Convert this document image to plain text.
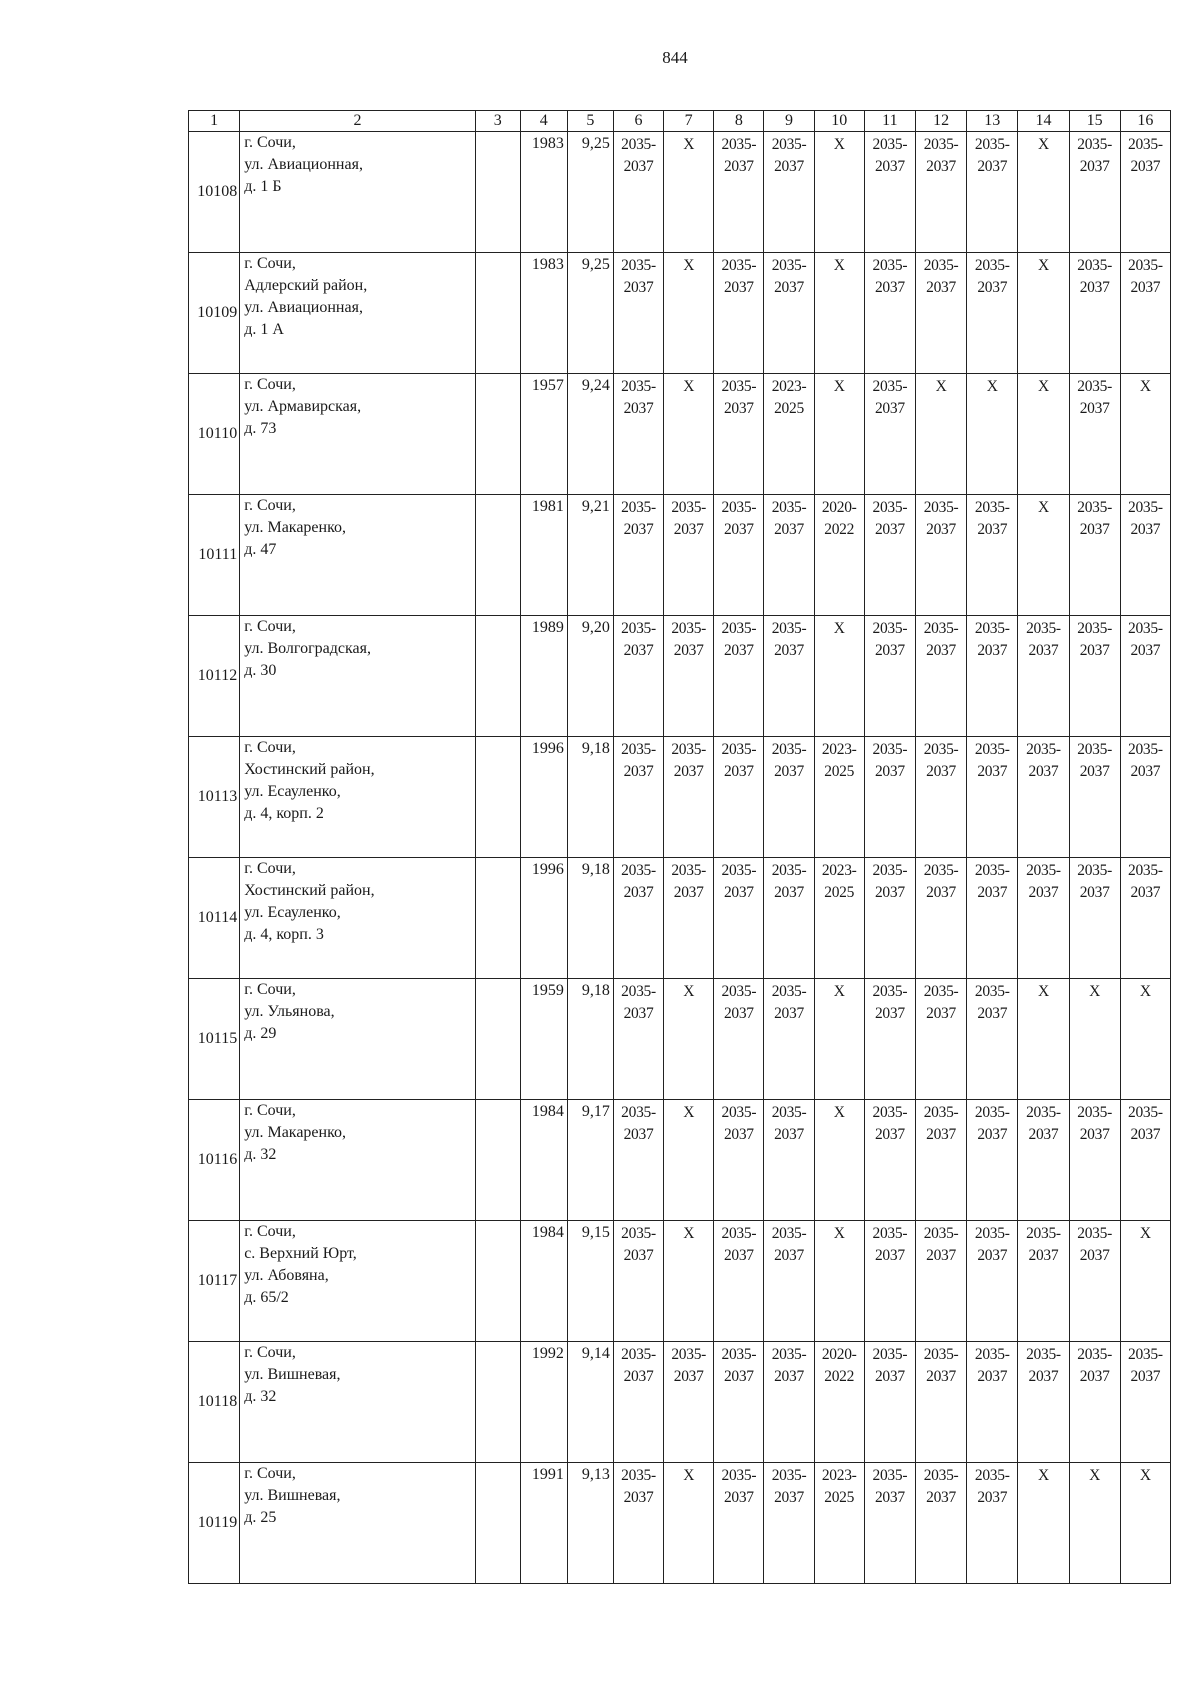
844
1	2	3	4	5	6	7	8	9	10	11	12	13	14	15	16
10108	г. Сочи,
ул. Авиационная,
д. 1 Б		1983	9,25	2035-
2037	X	2035-
2037	2035-
2037	X	2035-
2037	2035-
2037	2035-
2037	X	2035-
2037	2035-
2037
10109	г. Сочи,
Адлерский район,
ул. Авиационная,
д. 1 А		1983	9,25	2035-
2037	X	2035-
2037	2035-
2037	X	2035-
2037	2035-
2037	2035-
2037	X	2035-
2037	2035-
2037
10110	г. Сочи,
ул. Армавирская,
д. 73		1957	9,24	2035-
2037	X	2035-
2037	2023-
2025	X	2035-
2037	X	X	X	2035-
2037	X
10111	г. Сочи,
ул. Макаренко,
д. 47		1981	9,21	2035-
2037	2035-
2037	2035-
2037	2035-
2037	2020-
2022	2035-
2037	2035-
2037	2035-
2037	X	2035-
2037	2035-
2037
10112	г. Сочи,
ул. Волгоградская,
д. 30		1989	9,20	2035-
2037	2035-
2037	2035-
2037	2035-
2037	X	2035-
2037	2035-
2037	2035-
2037	2035-
2037	2035-
2037	2035-
2037
10113	г. Сочи,
Хостинский район,
ул. Есауленко,
д. 4, корп. 2		1996	9,18	2035-
2037	2035-
2037	2035-
2037	2035-
2037	2023-
2025	2035-
2037	2035-
2037	2035-
2037	2035-
2037	2035-
2037	2035-
2037
10114	г. Сочи,
Хостинский район,
ул. Есауленко,
д. 4, корп. 3		1996	9,18	2035-
2037	2035-
2037	2035-
2037	2035-
2037	2023-
2025	2035-
2037	2035-
2037	2035-
2037	2035-
2037	2035-
2037	2035-
2037
10115	г. Сочи,
ул. Ульянова,
д. 29		1959	9,18	2035-
2037	X	2035-
2037	2035-
2037	X	2035-
2037	2035-
2037	2035-
2037	X	X	X
10116	г. Сочи,
ул. Макаренко,
д. 32		1984	9,17	2035-
2037	X	2035-
2037	2035-
2037	X	2035-
2037	2035-
2037	2035-
2037	2035-
2037	2035-
2037	2035-
2037
10117	г. Сочи,
с. Верхний Юрт,
ул. Абовяна,
д. 65/2		1984	9,15	2035-
2037	X	2035-
2037	2035-
2037	X	2035-
2037	2035-
2037	2035-
2037	2035-
2037	2035-
2037	X
10118	г. Сочи,
ул. Вишневая,
д. 32		1992	9,14	2035-
2037	2035-
2037	2035-
2037	2035-
2037	2020-
2022	2035-
2037	2035-
2037	2035-
2037	2035-
2037	2035-
2037	2035-
2037
10119	г. Сочи,
ул. Вишневая,
д. 25		1991	9,13	2035-
2037	X	2035-
2037	2035-
2037	2023-
2025	2035-
2037	2035-
2037	2035-
2037	X	X	X
